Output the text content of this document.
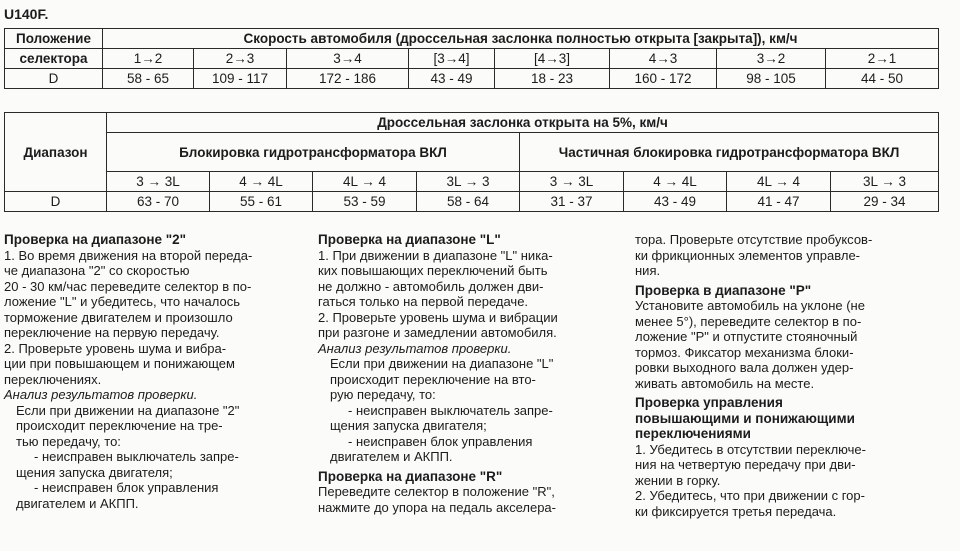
U140F.
Положение	Скорость автомобиля (дроссельная заслонка полностью открыта [закрыта]), км/ч							
селектора	1→2	2→3	3→4	[3→4]	[4→3]	4→3	3→2	2→1
D	58 - 65	109 - 117	172 - 186	43 - 49	18 - 23	160 - 172	98 - 105	44 - 50
Диапазон	Дроссельная заслонка открыта на 5%, км/ч							
	Блокировка гидротрансформатора ВКЛ				Частичная блокировка гидротрансформатора ВКЛ			
	3 → 3L	4 → 4L	4L → 4	3L → 3	3 → 3L	4 → 4L	4L → 4	3L → 3
D	63 - 70	55 - 61	53 - 59	58 - 64	31 - 37	43 - 49	41 - 47	29 - 34

Проверка на диапазоне "2"

1. Во время движения на второй переда-

че диапазона "2" со скоростью

20 - 30 км/час переведите селектор в по-

ложение "L" и убедитесь, что началось

торможение двигателем и произошло

переключение на первую передачу.

2. Проверьте уровень шума и вибра-

ции при повышающем и понижающем

переключениях.

Анализ результатов проверки.

Если при движении на диапазоне "2"

происходит переключение на тре-

тью передачу, то:

- неисправен выключатель запре-

щения запуска двигателя;

- неисправен блок управления

двигателем и АКПП.

Проверка на диапазоне "L"

1. При движении в диапазоне "L" ника-

ких повышающих переключений быть

не должно - автомобиль должен дви-

гаться только на первой передаче.

2. Проверьте уровень шума и вибрации

при разгоне и замедлении автомобиля.

Анализ результатов проверки.

Если при движении на диапазоне "L"

происходит переключение на вто-

рую передачу, то:

- неисправен выключатель запре-

щения запуска двигателя;

- неисправен блок управления

двигателем и АКПП.

Проверка на диапазоне "R"

Переведите селектор в положение "R",

нажмите до упора на педаль акселера-

тора. Проверьте отсутствие пробуксов-

ки фрикционных элементов управле-

ния.

Проверка в диапазоне "P"

Установите автомобиль на уклоне (не

менее 5°), переведите селектор в по-

ложение "P" и отпустите стояночный

тормоз. Фиксатор механизма блоки-

ровки выходного вала должен удер-

живать автомобиль на месте.

Проверка управления

повышающими и понижающими

переключениями

1. Убедитесь в отсутствии переключе-

ния на четвертую передачу при дви-

жении в горку.

2. Убедитесь, что при движении с гор-

ки фиксируется третья передача.
